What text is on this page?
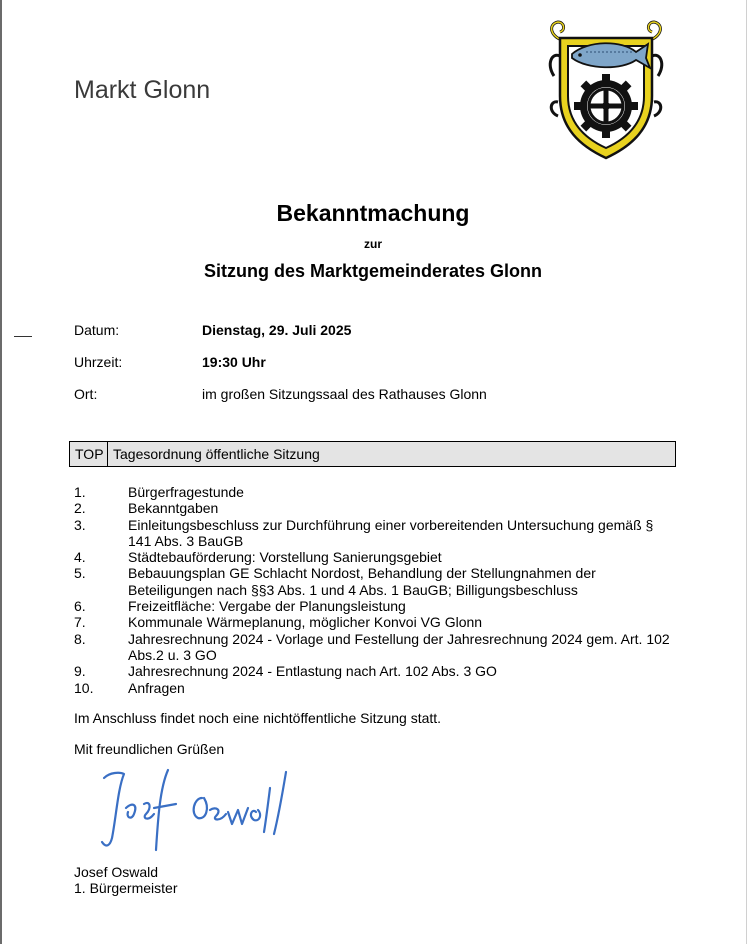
Markt Glonn
Bekanntmachung
zur
Sitzung des Marktgemeinderates Glonn
Datum:	Dienstag, 29. Juli 2025
Uhrzeit:	19:30 Uhr
Ort:	im großen Sitzungssaal des Rathauses Glonn
TOP Tagesordnung öffentliche Sitzung
1.	Bürgerfragestunde
2.	Bekanntgaben
3.	Einleitungsbeschluss zur Durchführung einer vorbereitenden Untersuchung gemäß § 141 Abs. 3 BauGB
4.	Städtebauförderung: Vorstellung Sanierungsgebiet
5.	Bebauungsplan GE Schlacht Nordost, Behandlung der Stellungnahmen der Beteiligungen nach §§3 Abs. 1 und 4 Abs. 1 BauGB; Billigungsbeschluss
6.	Freizeitfläche: Vergabe der Planungsleistung
7.	Kommunale Wärmeplanung, möglicher Konvoi VG Glonn
8.	Jahresrechnung 2024 - Vorlage und Festellung der Jahresrechnung 2024 gem. Art. 102 Abs.2 u. 3 GO
9.	Jahresrechnung 2024 - Entlastung nach Art. 102 Abs. 3 GO
10.	Anfragen
Im Anschluss findet noch eine nichtöffentliche Sitzung statt.
Mit freundlichen Grüßen
Josef Oswald
1. Bürgermeister
